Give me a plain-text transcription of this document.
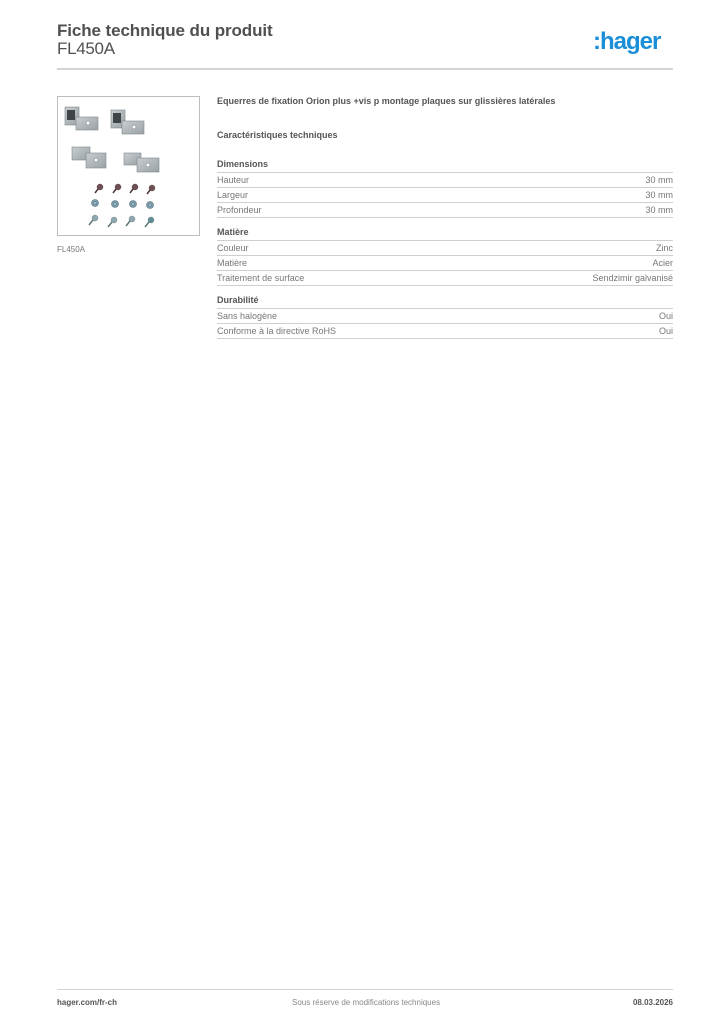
Fiche technique du produit
FL450A	:hager
FL450A
Equerres de fixation Orion plus +vis p montage plaques sur glissières latérales
Caractéristiques techniques
Dimensions
Hauteur	30 mm
Largeur	30 mm
Profondeur	30 mm
Matière
Couleur	Zinc
Matière	Acier
Traitement de surface	Sendzimir galvanisé
Durabilité
Sans halogène	Oui
Conforme à la directive RoHS	Oui
hager.com/fr-ch	Sous réserve de modifications techniques	08.03.2026
